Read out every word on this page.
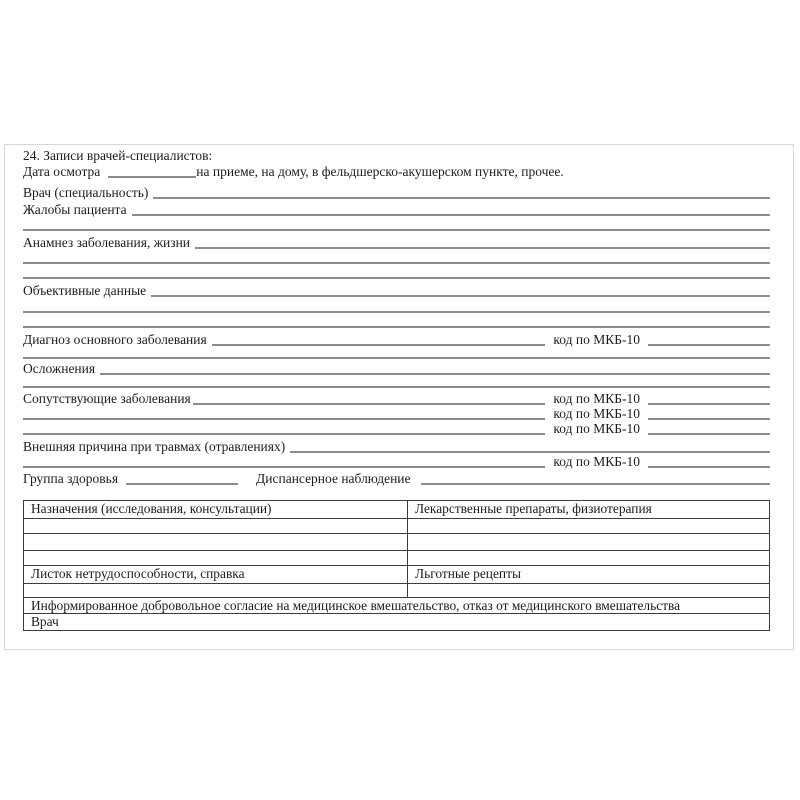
24. Записи врачей-специалистов:
Дата осмотра	на приеме, на дому, в фельдшерско-акушерском пункте, прочее.
Врач (специальность)
Жалобы пациента
Анамнез заболевания, жизни
Объективные данные
Диагноз основного заболевания	код по МКБ-10
Осложнения
Сопутствующие заболевания	код по МКБ-10
код по МКБ-10
код по МКБ-10
Внешняя причина при травмах (отравлениях)
код по МКБ-10
Группа здоровья	Диспансерное наблюдение
Назначения (исследования, консультации)	Лекарственные препараты, физиотерапия

Листок нетрудоспособности, справка	Льготные рецепты

Информированное добровольное согласие на медицинское вмешательство, отказ от медицинского вмешательства	
Врач	
